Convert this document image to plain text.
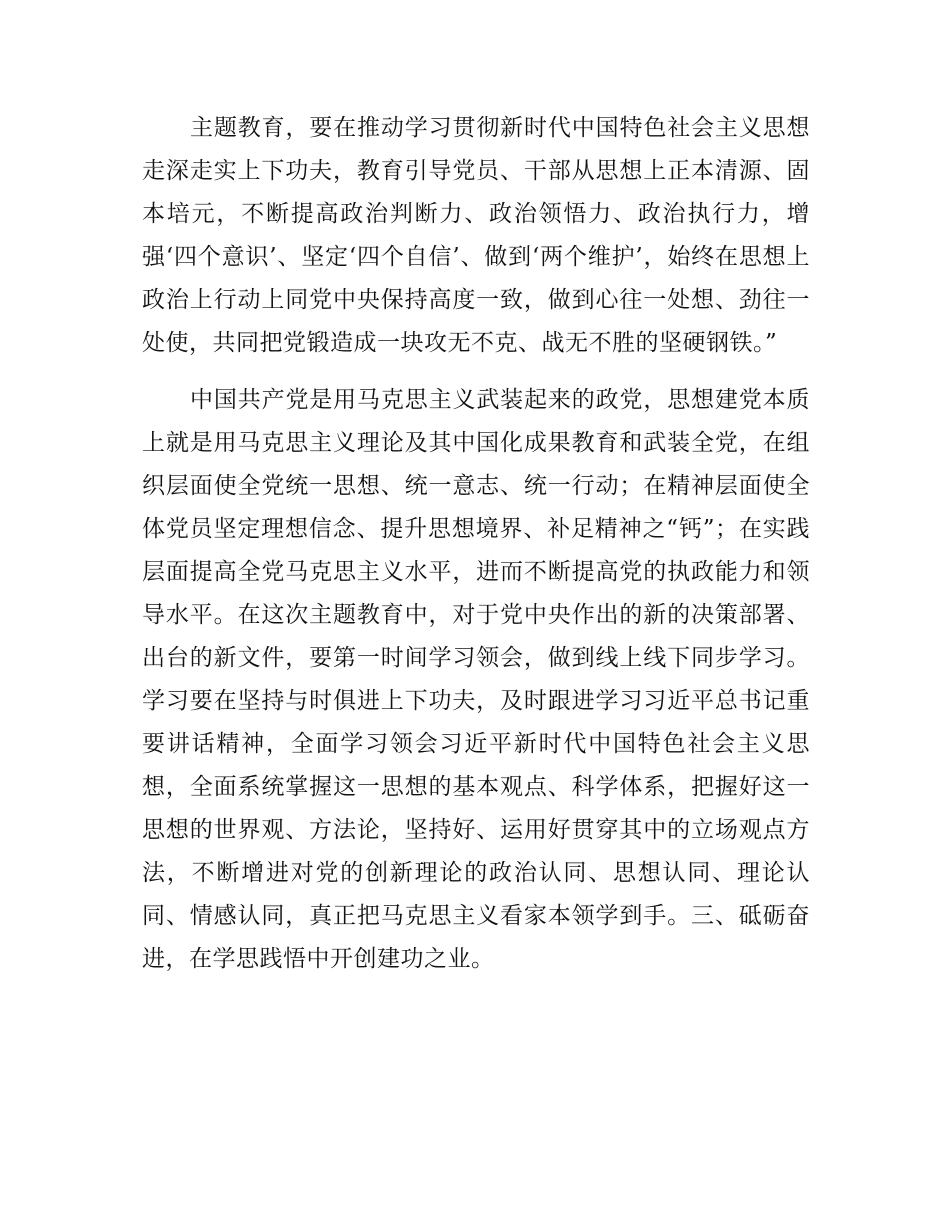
主题教育，要在推动学习贯彻新时代中国特色社会主义思想走深走实上下功夫，教育引导党员、干部从思想上正本清源、固本培元，不断提高政治判断力、政治领悟力、政治执行力，增强‘四个意识’、坚定‘四个自信’、做到‘两个维护’，始终在思想上政治上行动上同党中央保持高度一致，做到心往一处想、劲往一处使，共同把党锻造成一块攻无不克、战无不胜的坚硬钢铁。”

中国共产党是用马克思主义武装起来的政党，思想建党本质上就是用马克思主义理论及其中国化成果教育和武装全党，在组织层面使全党统一思想、统一意志、统一行动；在精神层面使全体党员坚定理想信念、提升思想境界、补足精神之“钙”；在实践层面提高全党马克思主义水平，进而不断提高党的执政能力和领导水平。在这次主题教育中，对于党中央作出的新的决策部署、出台的新文件，要第一时间学习领会，做到线上线下同步学习。学习要在坚持与时俱进上下功夫，及时跟进学习习近平总书记重要讲话精神，全面学习领会习近平新时代中国特色社会主义思想，全面系统掌握这一思想的基本观点、科学体系，把握好这一思想的世界观、方法论，坚持好、运用好贯穿其中的立场观点方法，不断增进对党的创新理论的政治认同、思想认同、理论认同、情感认同，真正把马克思主义看家本领学到手。三、砥砺奋进，在学思践悟中开创建功之业。
